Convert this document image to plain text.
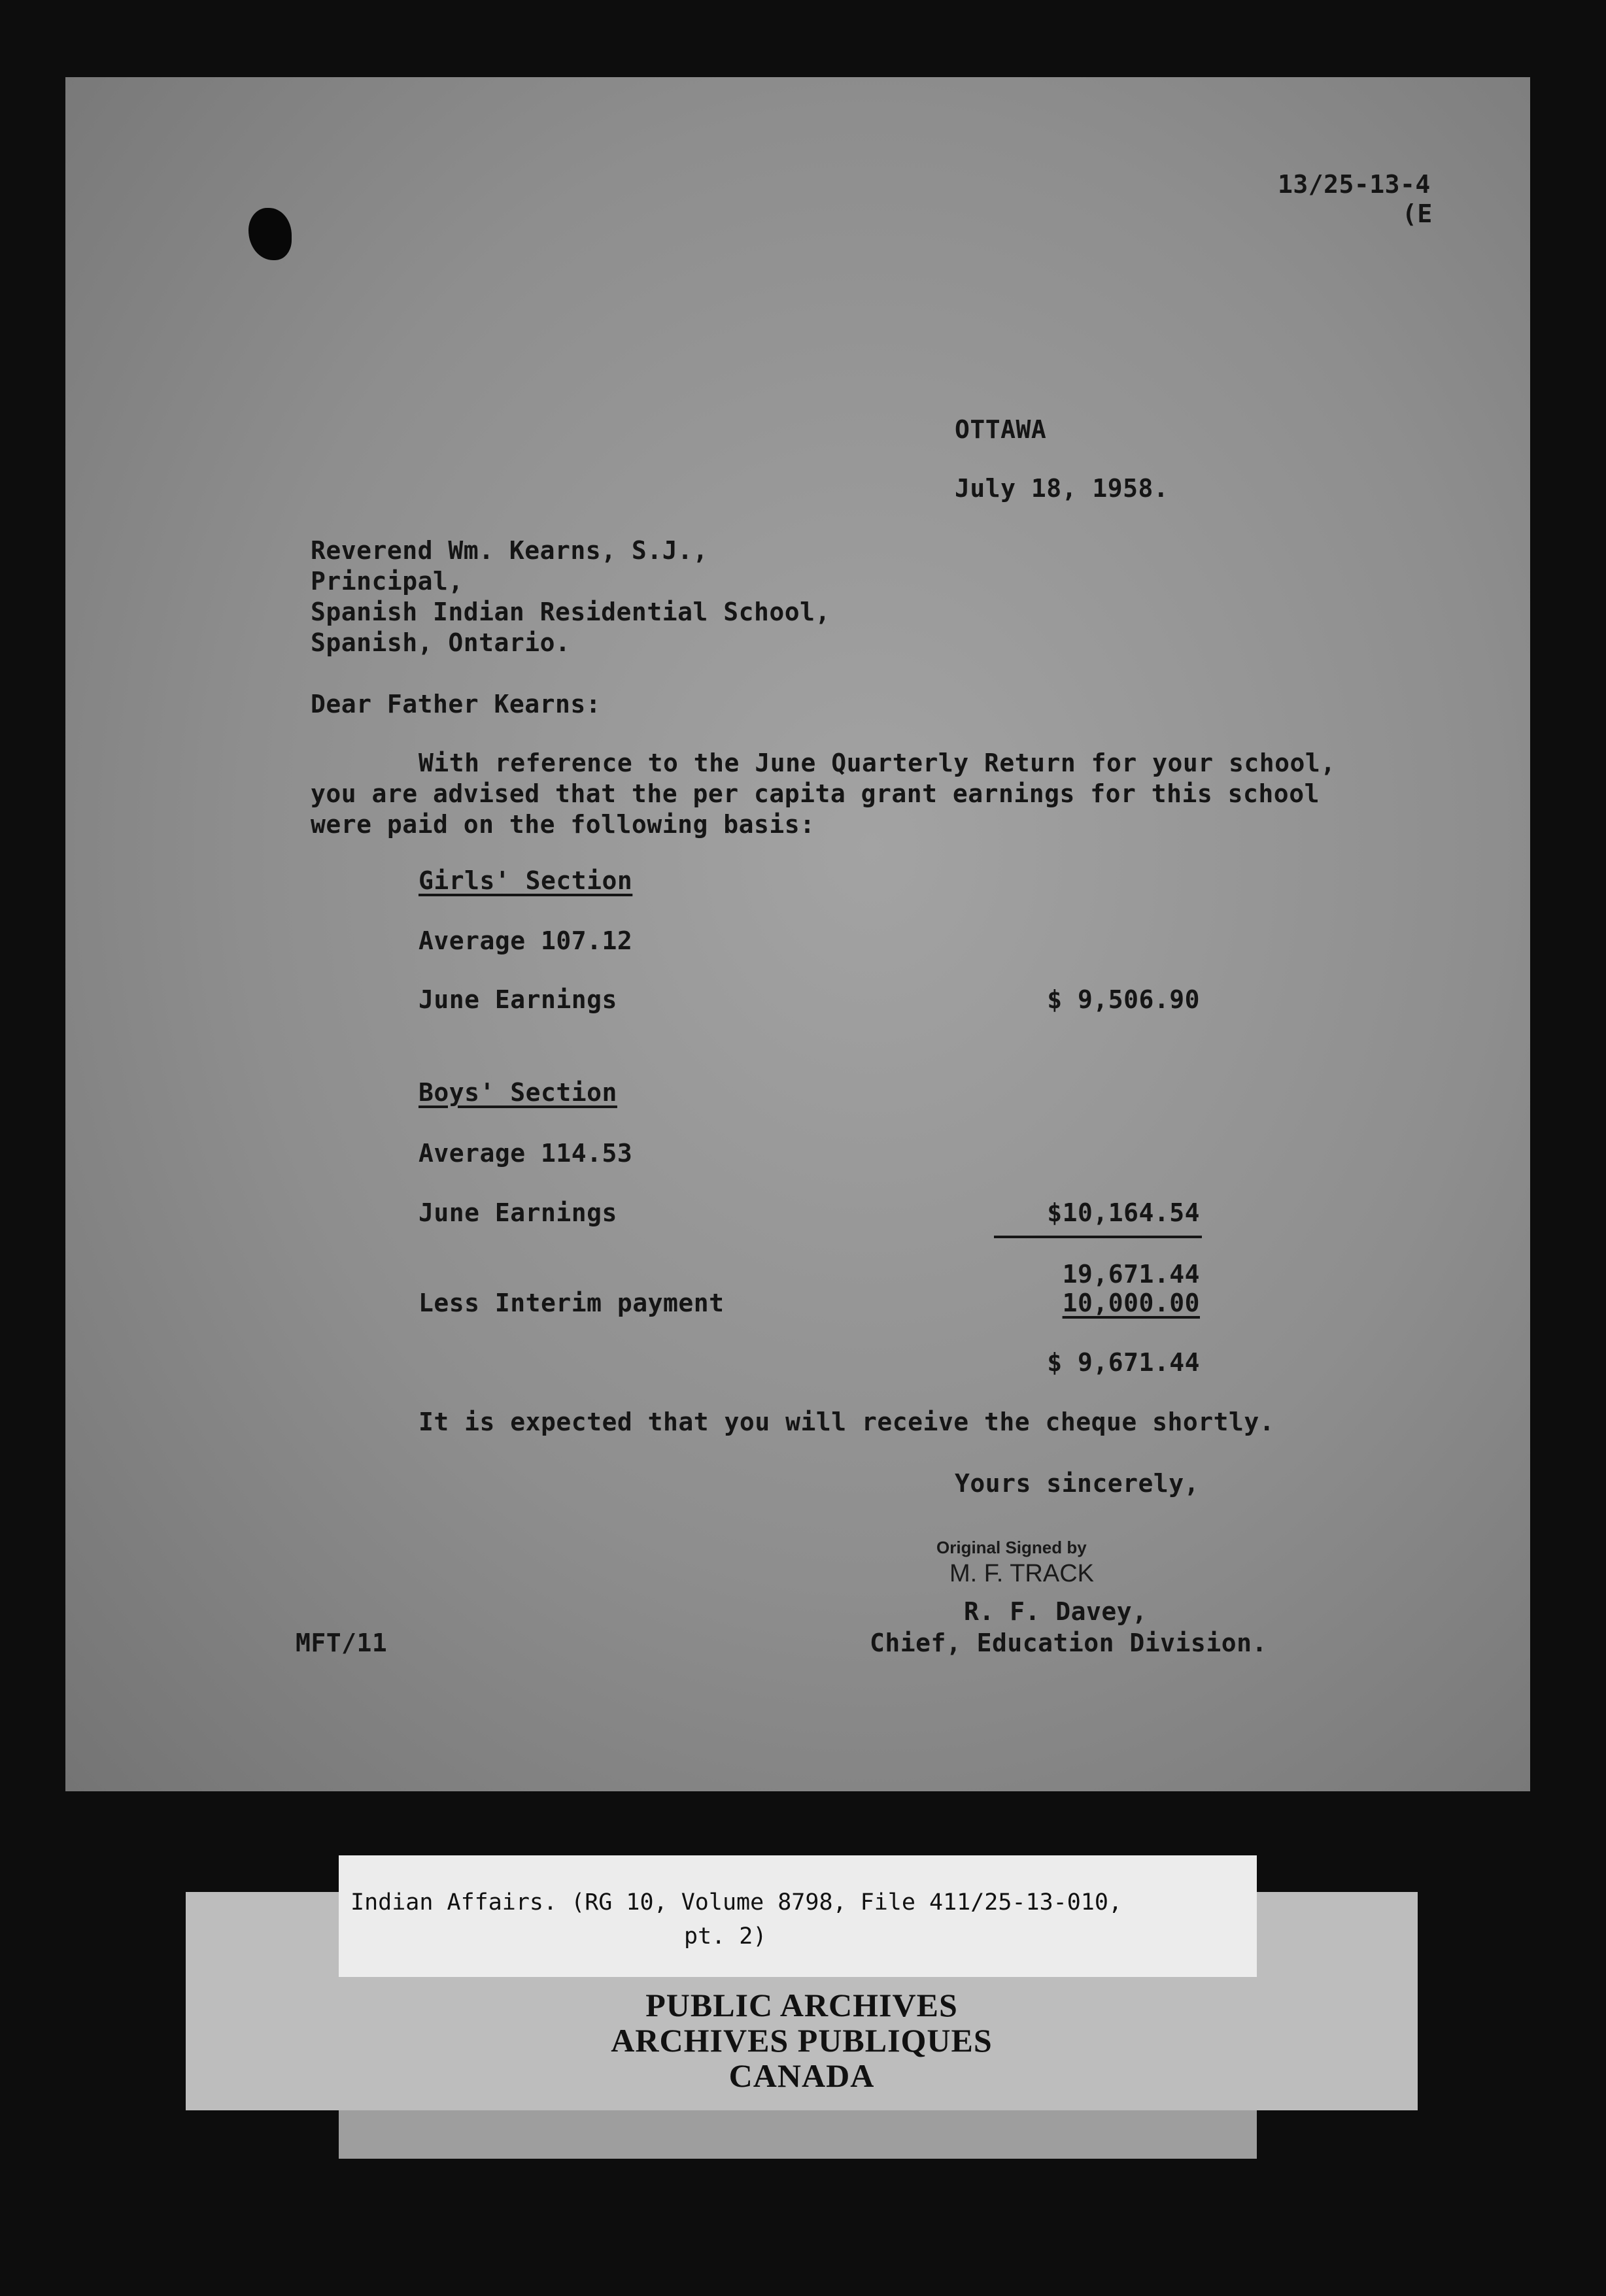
13/25-13-4
(E
OTTAWA
July 18, 1958.
Reverend Wm. Kearns, S.J.,
Principal,
Spanish Indian Residential School,
Spanish, Ontario.
Dear Father Kearns:
With reference to the June Quarterly Return for your school,
you are advised that the per capita grant earnings for this school
were paid on the following basis:
Girls' Section
Average 107.12
June Earnings	$ 9,506.90
Boys' Section
Average 114.53
June Earnings	$10,164.54
19,671.44
Less Interim payment	10,000.00
$ 9,671.44
It is expected that you will receive the cheque shortly.
Yours sincerely,
Original Signed by
M. F. TRACK
R. F. Davey,
Chief, Education Division.
MFT/11
Indian Affairs. (RG 10, Volume 8798, File 411/25-13-010,
pt. 2)
PUBLIC ARCHIVES
ARCHIVES PUBLIQUES
CANADA
